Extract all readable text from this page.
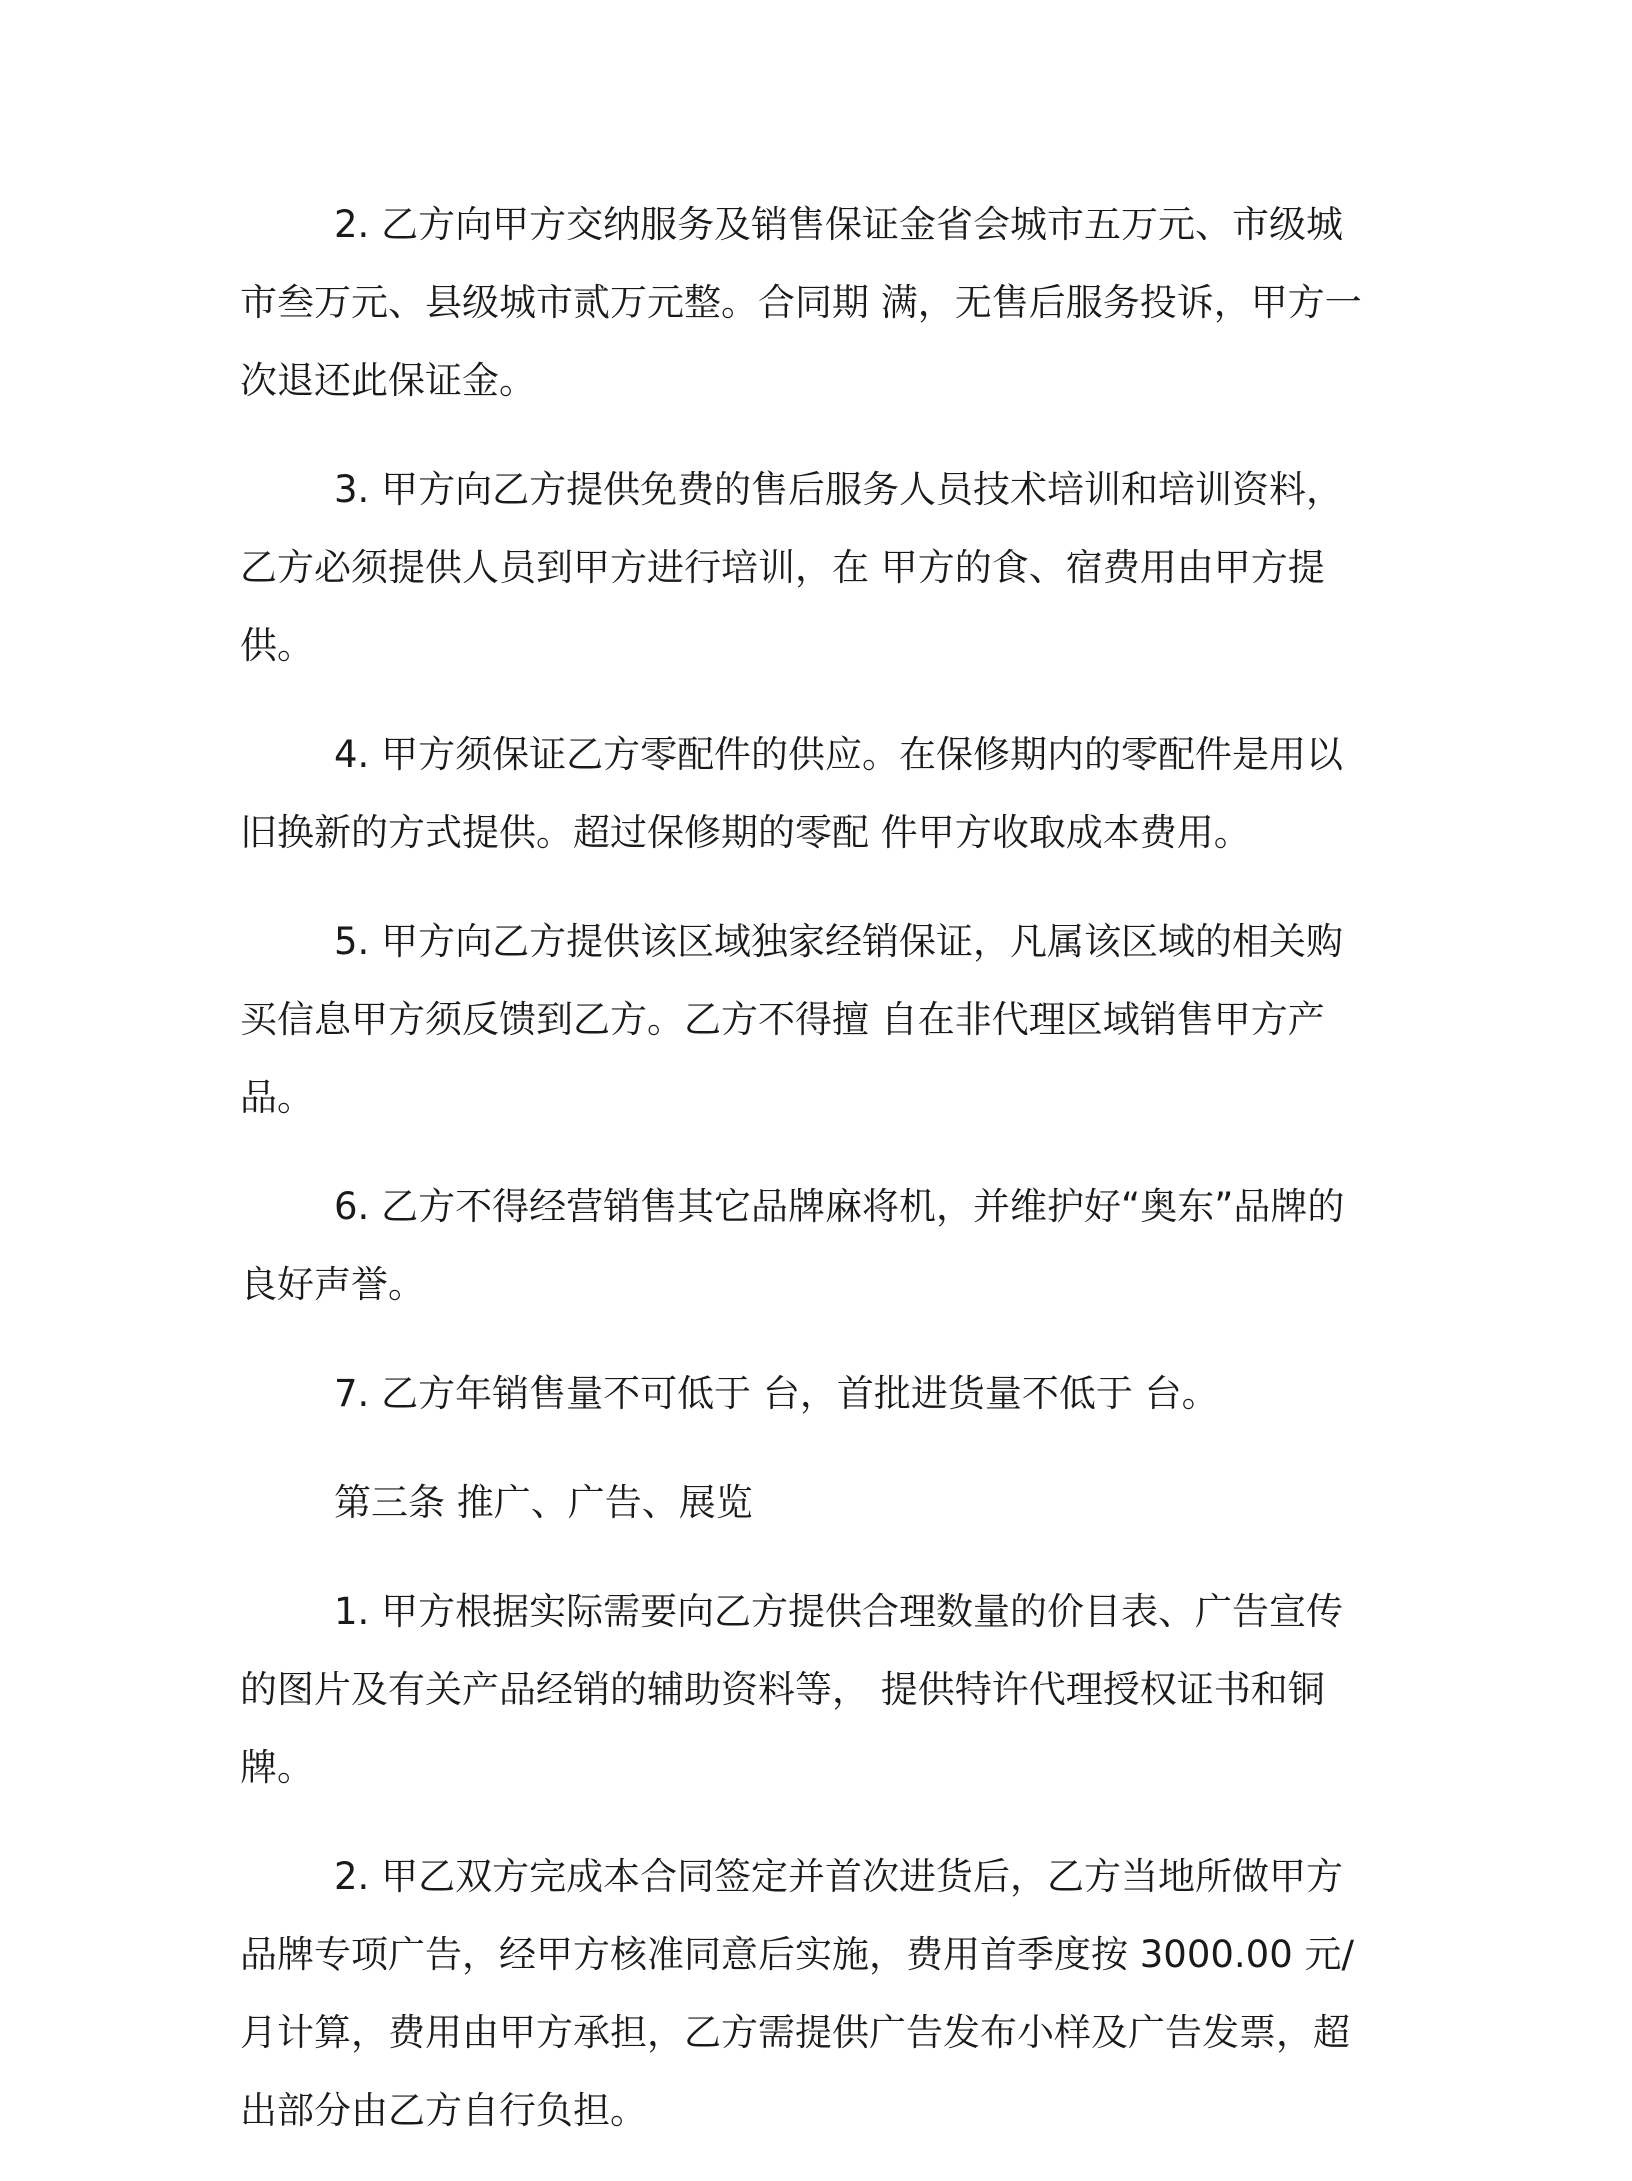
2. 乙方向甲方交纳服务及销售保证金省会城市五万元、市级城市叁万元、县级城市贰万元整。合同期 满，无售后服务投诉，甲方一次退还此保证金。

3. 甲方向乙方提供免费的售后服务人员技术培训和培训资料，乙方必须提供人员到甲方进行培训，在 甲方的食、宿费用由甲方提供。

4. 甲方须保证乙方零配件的供应。在保修期内的零配件是用以旧换新的方式提供。超过保修期的零配 件甲方收取成本费用。

5. 甲方向乙方提供该区域独家经销保证，凡属该区域的相关购买信息甲方须反馈到乙方。乙方不得擅 自在非代理区域销售甲方产品。

6. 乙方不得经营销售其它品牌麻将机，并维护好“奥东”品牌的良好声誉。

7. 乙方年销售量不可低于 台，首批进货量不低于 台。

第三条 推广、广告、展览

1. 甲方根据实际需要向乙方提供合理数量的价目表、广告宣传的图片及有关产品经销的辅助资料等， 提供特许代理授权证书和铜牌。

2. 甲乙双方完成本合同签定并首次进货后，乙方当地所做甲方品牌专项广告，经甲方核准同意后实施，费用首季度按 3000.00 元/月计算，费用由甲方承担，乙方需提供广告发布小样及广告发票，超出部分由乙方自行负担。
